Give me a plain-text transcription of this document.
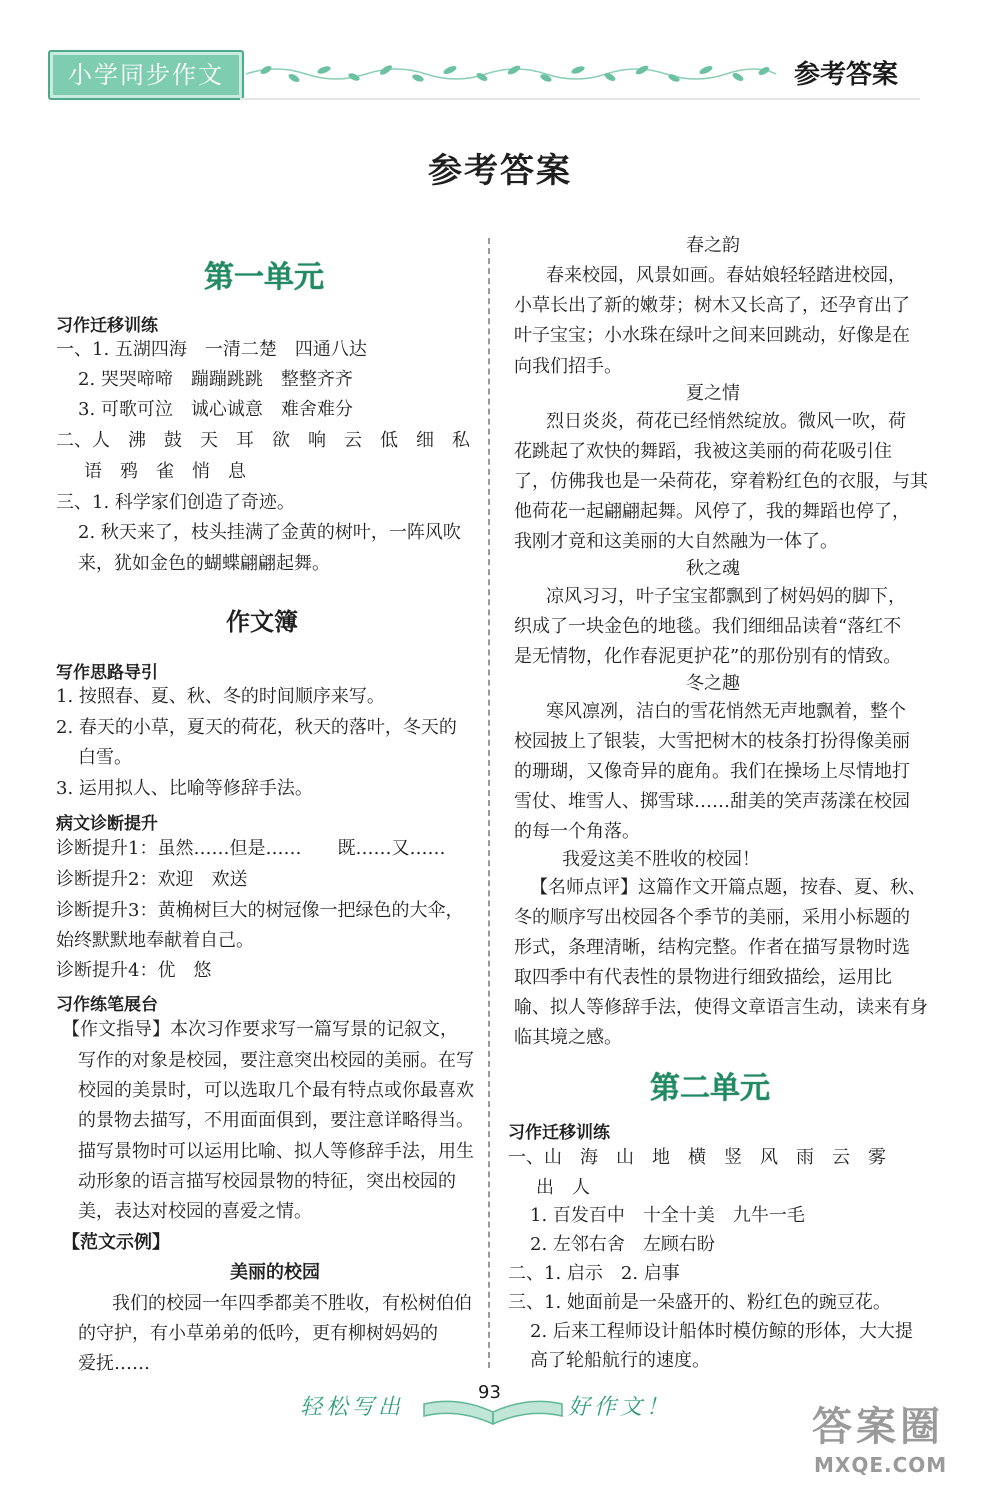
小学同步作文	参考答案
参考答案
第一单元
习作迁移训练
一、1. 五湖四海　一清二楚　四通八达
2. 哭哭啼啼　蹦蹦跳跳　整整齐齐
3. 可歌可泣　诚心诚意　难舍难分
二、人　沸　鼓　天　耳　欲　响　云　低　细　私
语　鸦　雀　悄　息
三、1. 科学家们创造了奇迹。
2. 秋天来了，枝头挂满了金黄的树叶，一阵风吹
来，犹如金色的蝴蝶翩翩起舞。
作文簿
写作思路导引
1. 按照春、夏、秋、冬的时间顺序来写。
2. 春天的小草，夏天的荷花，秋天的落叶，冬天的
白雪。
3. 运用拟人、比喻等修辞手法。
病文诊断提升
诊断提升1：虽然……但是……　　既……又……
诊断提升2：欢迎　欢送
诊断提升3：黄桷树巨大的树冠像一把绿色的大伞，
始终默默地奉献着自己。
诊断提升4：优　悠
习作练笔展台
【作文指导】本次习作要求写一篇写景的记叙文，
写作的对象是校园，要注意突出校园的美丽。在写
校园的美景时，可以选取几个最有特点或你最喜欢
的景物去描写，不用面面俱到，要注意详略得当。
描写景物时可以运用比喻、拟人等修辞手法，用生
动形象的语言描写校园景物的特征，突出校园的
美，表达对校园的喜爱之情。
【范文示例】
美丽的校园
我们的校园一年四季都美不胜收，有松树伯伯
的守护，有小草弟弟的低吟，更有柳树妈妈的
爱抚……
春之韵
春来校园，风景如画。春姑娘轻轻踏进校园，
小草长出了新的嫩芽；树木又长高了，还孕育出了
叶子宝宝；小水珠在绿叶之间来回跳动，好像是在
向我们招手。
夏之情
烈日炎炎，荷花已经悄然绽放。微风一吹，荷
花跳起了欢快的舞蹈，我被这美丽的荷花吸引住
了，仿佛我也是一朵荷花，穿着粉红色的衣服，与其
他荷花一起翩翩起舞。风停了，我的舞蹈也停了，
我刚才竟和这美丽的大自然融为一体了。
秋之魂
凉风习习，叶子宝宝都飘到了树妈妈的脚下，
织成了一块金色的地毯。我们细细品读着“落红不
是无情物，化作春泥更护花”的那份别有的情致。
冬之趣
寒风凛冽，洁白的雪花悄然无声地飘着，整个
校园披上了银装，大雪把树木的枝条打扮得像美丽
的珊瑚，又像奇异的鹿角。我们在操场上尽情地打
雪仗、堆雪人、掷雪球……甜美的笑声荡漾在校园
的每一个角落。
我爱这美不胜收的校园！
【名师点评】这篇作文开篇点题，按春、夏、秋、
冬的顺序写出校园各个季节的美丽，采用小标题的
形式，条理清晰，结构完整。作者在描写景物时选
取四季中有代表性的景物进行细致描绘，运用比
喻、拟人等修辞手法，使得文章语言生动，读来有身
临其境之感。
第二单元
习作迁移训练
一、山　海　山　地　横　竖　风　雨　云　雾
出　人
1. 百发百中　十全十美　九牛一毛
2. 左邻右舍　左顾右盼
二、1. 启示　2. 启事
三、1. 她面前是一朵盛开的、粉红色的豌豆花。
2. 后来工程师设计船体时模仿鲸的形体，大大提
高了轮船航行的速度。
轻松写出
93
好作文！	答案圈
MXQE.COM
